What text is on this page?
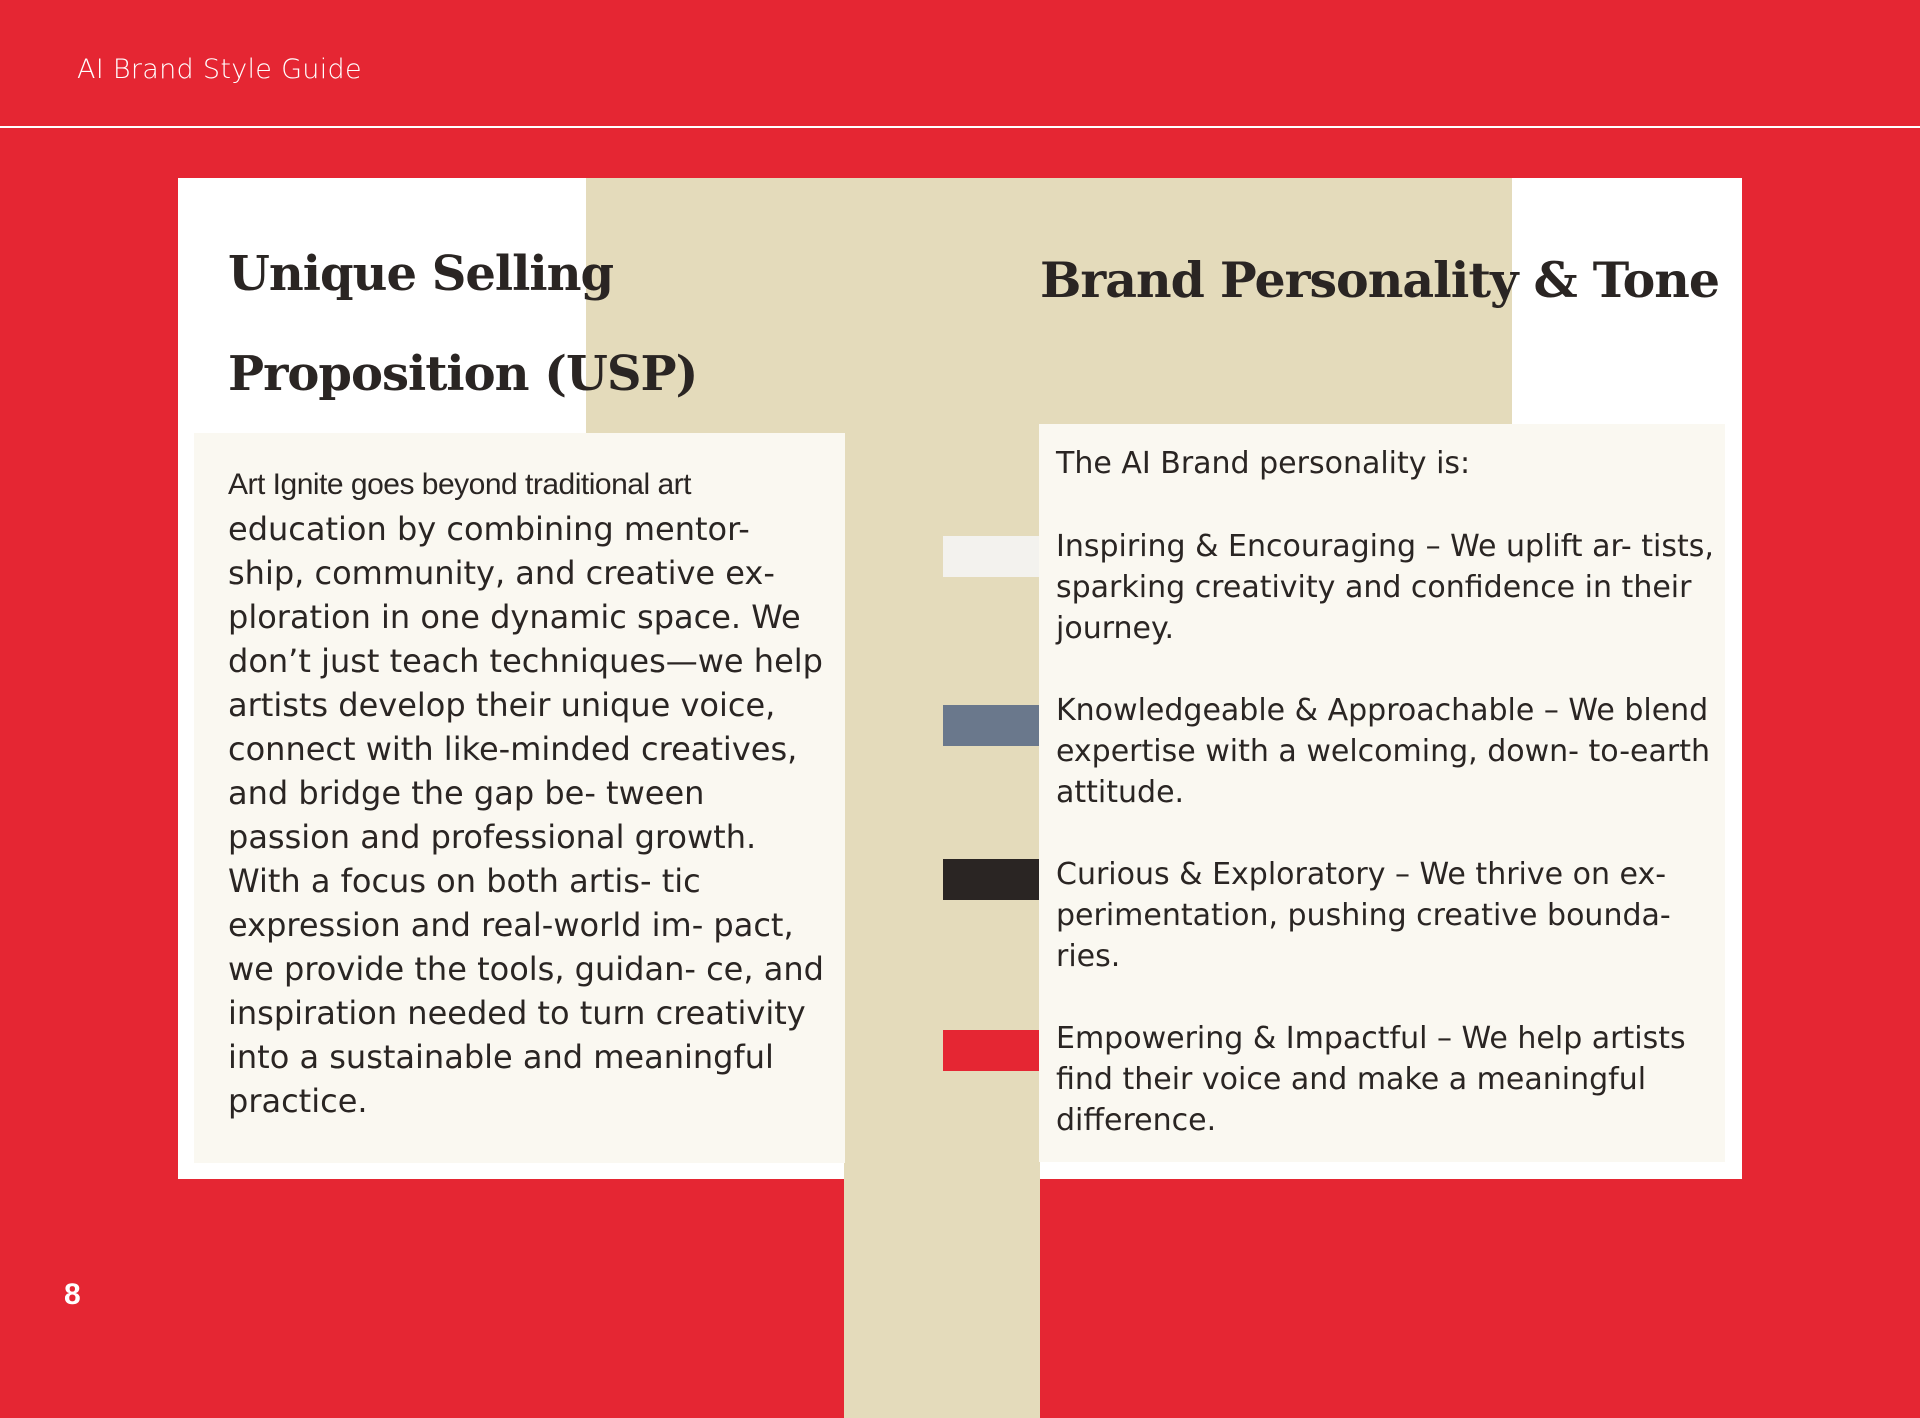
AI Brand Style Guide
Unique Selling
Proposition (USP)
Art Ignite goes beyond traditional art
education by combining mentor- ship, community, and creative ex- ploration in one dynamic space. We don’t just teach techniques—we help artists develop their unique voice, connect with like-minded creatives, and bridge the gap be- tween passion and professional growth. With a focus on both artis- tic expression and real-world im- pact, we provide the tools, guidan- ce, and inspiration needed to turn creativity into a sustainable and meaningful practice.
Brand Personality & Tone
The AI Brand personality is:
Inspiring & Encouraging – We uplift ar- tists, sparking creativity and confidence in their journey.
Knowledgeable & Approachable – We blend expertise with a welcoming, down- to-earth attitude.
Curious & Exploratory – We thrive on ex- perimentation, pushing creative bounda- ries.
Empowering & Impactful – We help artists find their voice and make a meaningful difference.
8
